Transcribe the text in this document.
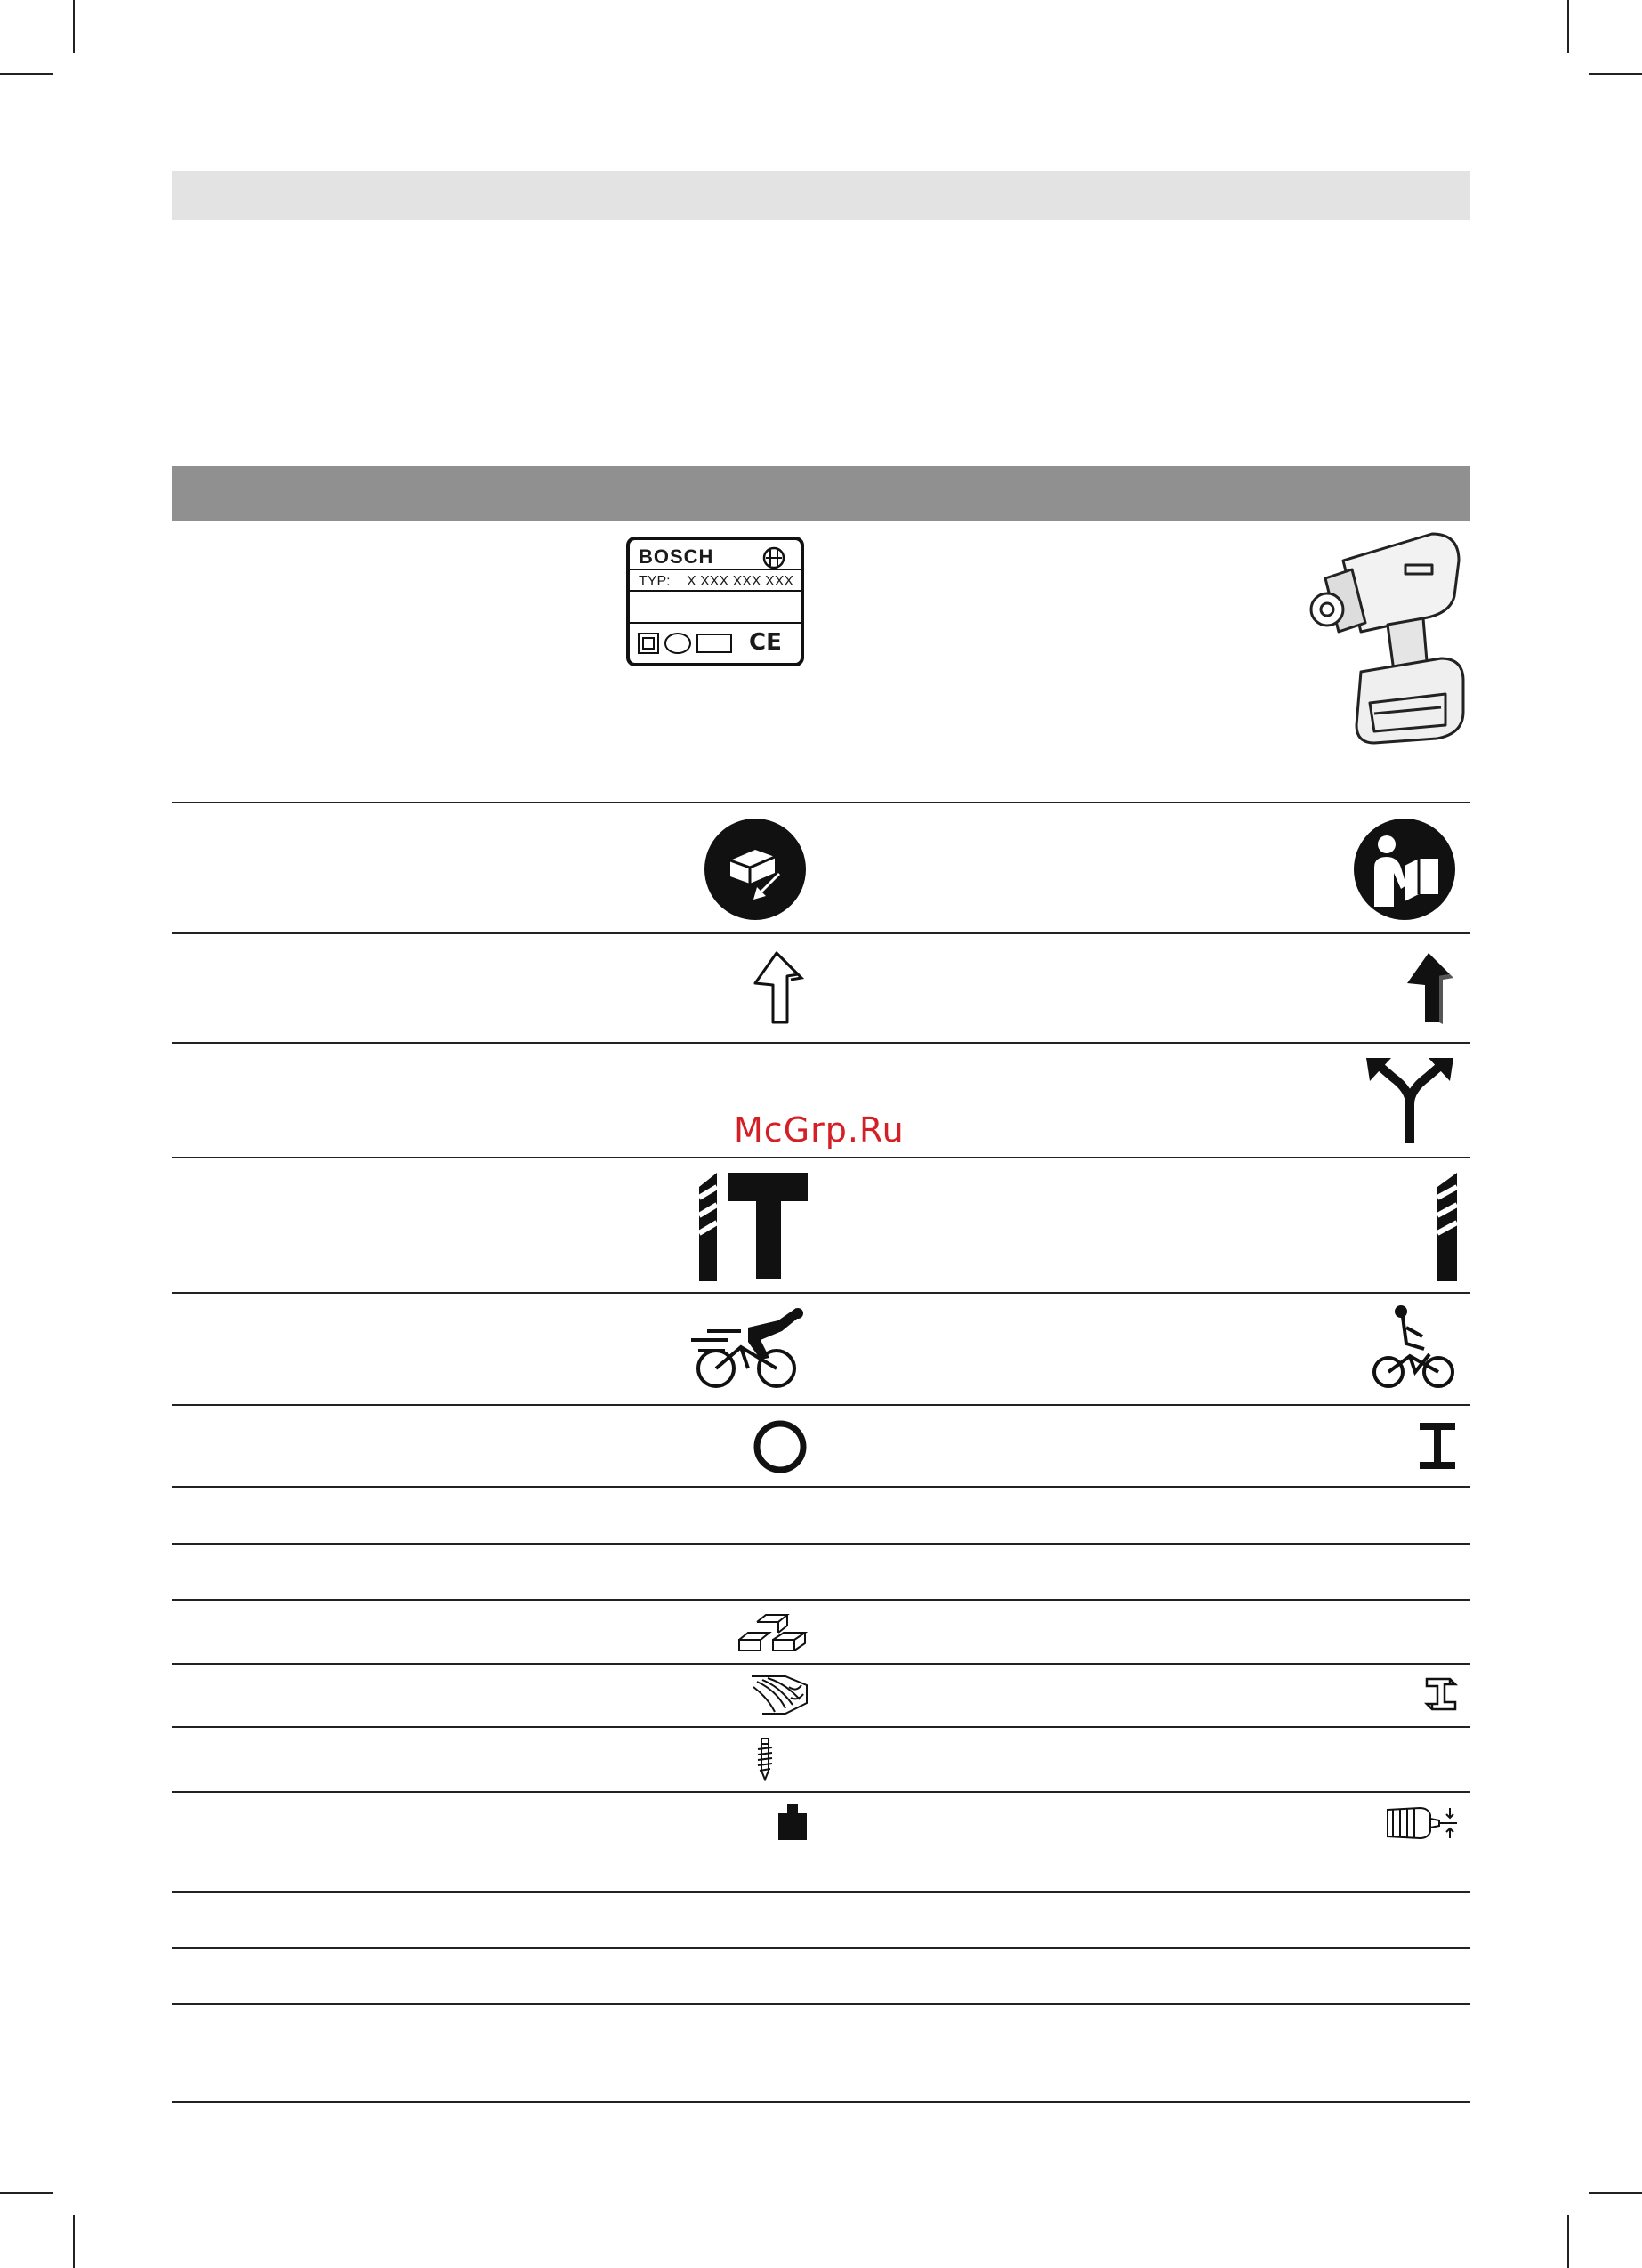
BOSCH
TYP: X XXX XXX XXX
CE
McGrp.Ru
